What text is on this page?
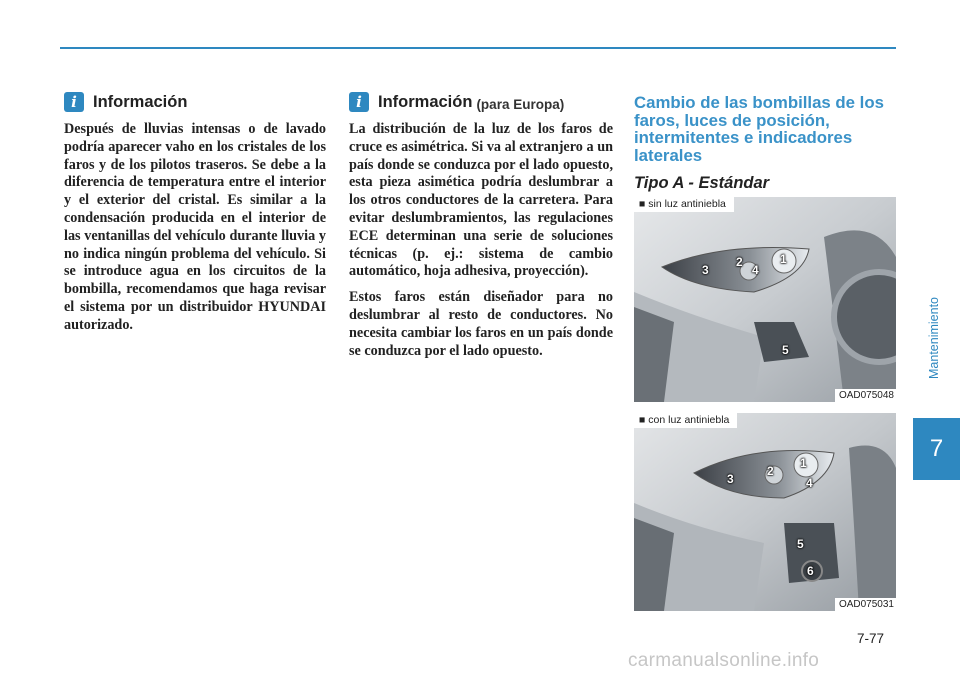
i Información

Después de lluvias intensas o de lavado podría aparecer vaho en los cristales de los faros y de los pilotos traseros. Se debe a la diferencia de temperatura entre el interior y el exterior del cristal. Es similar a la condensación producida en el interior de las ventanillas del vehículo durante lluvia y no indica ningún problema del vehículo. Si se introduce agua en los circuitos de la bombilla, recomendamos que haga revisar el sistema por un distribuidor HYUNDAI autorizado.

i Información (para Europa)

La distribución de la luz de los faros de cruce es asimétrica. Si va al extranjero a un país donde se conduzca por el lado opuesto, esta pieza asimética podría deslumbrar a los otros conductores de la carretera. Para evitar deslumbramientos, las regulaciones ECE determinan una serie de soluciones técnicas (p. ej.: sistema de cambio automático, hoja adhesiva, proyección).

Estos faros están diseñador para no deslumbrar al resto de conductores. No necesita cambiar los faros en un país donde se conduzca por el lado opuesto.

Cambio de las bombillas de los faros, luces de posición, intermitentes e indicadores laterales
Tipo A - Estándar
■ sin luz antiniebla
1
2
3	4
5
OAD075048
■ con luz antiniebla
1
2
3	4
5
6
OAD075031
Mantenimiento
7
7-77
carmanualsonline.info
